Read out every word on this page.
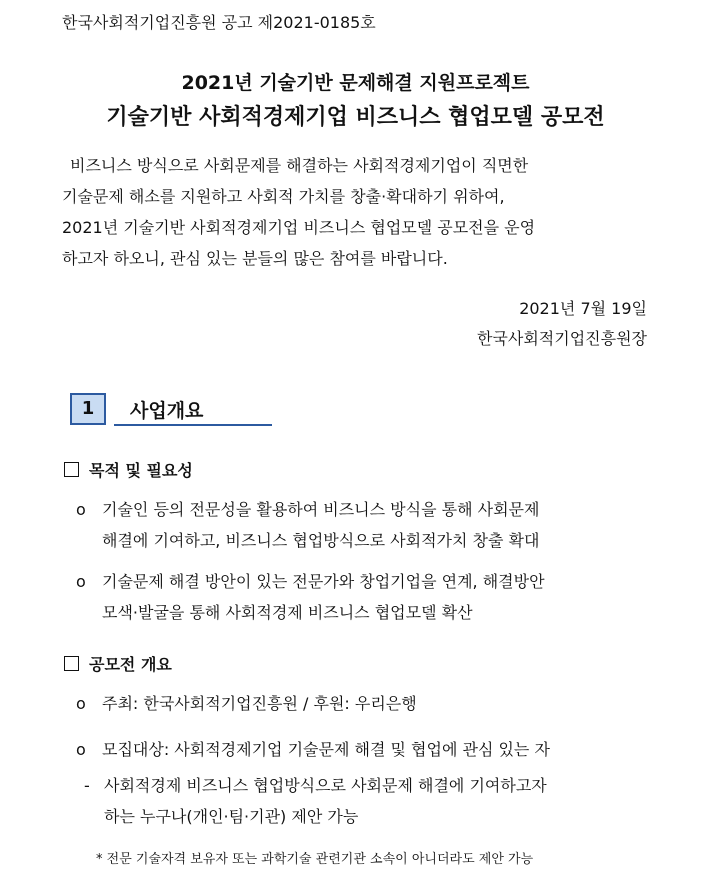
한국사회적기업진흥원 공고 제2021-0185호
2021년 기술기반 문제해결 지원프로젝트
기술기반 사회적경제기업 비즈니스 협업모델 공모전

비즈니스 방식으로 사회문제를 해결하는 사회적경제기업이 직면한

기술문제 해소를 지원하고 사회적 가치를 창출·확대하기 위하여,

2021년 기술기반 사회적경제기업 비즈니스 협업모델 공모전을 운영

하고자 하오니, 관심 있는 분들의 많은 참여를 바랍니다.

2021년 7월 19일
한국사회적기업진흥원장
1	사업개요
목적 및 필요성
o 기술인 등의 전문성을 활용하여 비즈니스 방식을 통해 사회문제

해결에 기여하고, 비즈니스 협업방식으로 사회적가치 창출 확대

o 기술문제 해결 방안이 있는 전문가와 창업기업을 연계, 해결방안

모색·발굴을 통해 사회적경제 비즈니스 협업모델 확산

공모전 개요
o 주최: 한국사회적기업진흥원 / 후원: 우리은행

o 모집대상: 사회적경제기업 기술문제 해결 및 협업에 관심 있는 자

- 사회적경제 비즈니스 협업방식으로 사회문제 해결에 기여하고자

하는 누구나(개인·팀·기관) 제안 가능

* 전문 기술자격 보유자 또는 과학기술 관련기관 소속이 아니더라도 제안 가능
